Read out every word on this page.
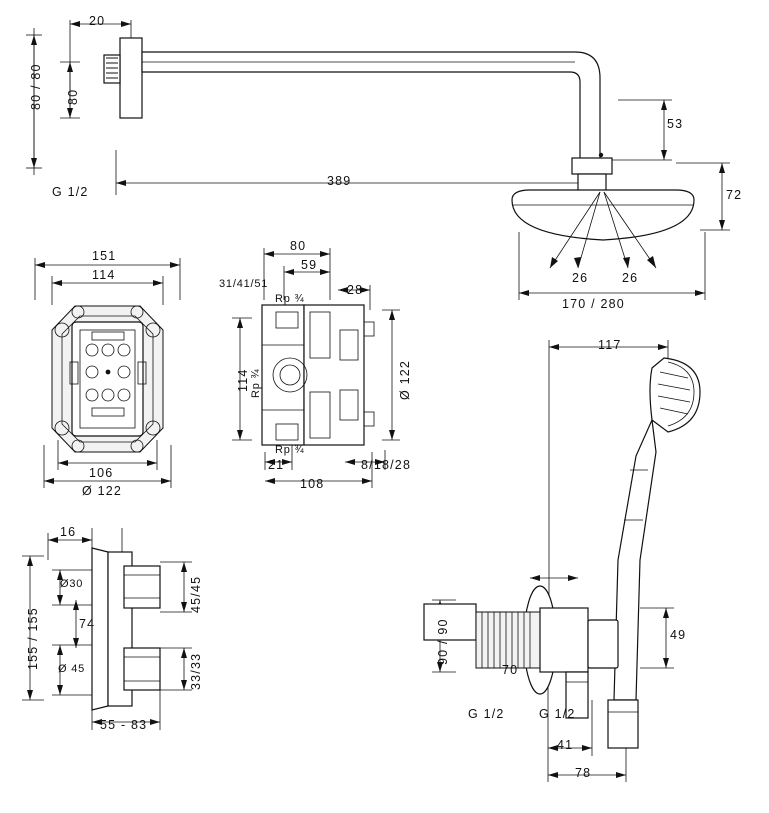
20
80 / 80 80
G 1/2
389
53
72
26	26
170 / 280
151
114
106
Ø 122
80
59
31/41/51
Rp ¾
Rp ¾
Rp ¾
28
114	Ø 122
21	8/18/28
108
16
Ø30	45/45
155 / 155	74
Ø 45	33/33
55 - 83
117
90 / 90
G 1/2	G 1/2
70
49
41
78
